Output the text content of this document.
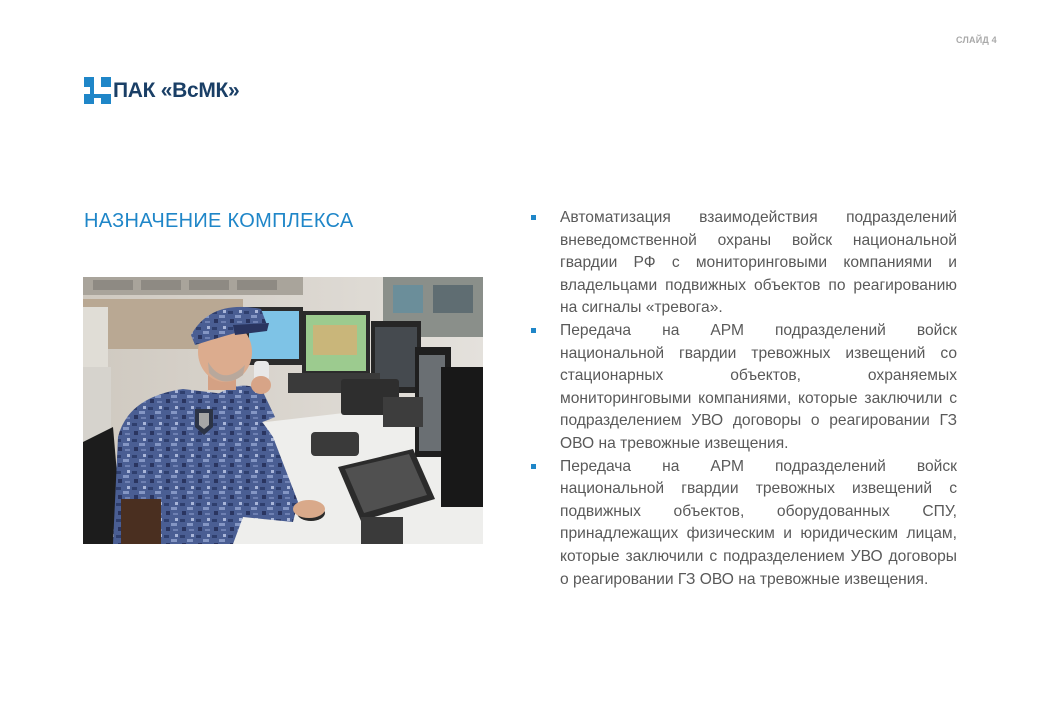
СЛАЙД 4
ПАК «ВсМК»
НАЗНАЧЕНИЕ КОМПЛЕКСА	Автоматизация взаимодействия подразделений вневедомственной охраны войск национальной гвардии РФ с мониторинговыми компаниями и владельцами подвижных объектов по реагированию на сигналы «тревога».
Передача на АРМ подразделений войск национальной гвардии тревожных извещений со стационарных объектов, охраняемых мониторинговыми компаниями, которые заключили с подразделением УВО договоры о реагировании ГЗ ОВО на тревожные извещения.
Передача на АРМ подразделений войск национальной гвардии тревожных извещений с подвижных объектов, оборудованных СПУ, принадлежащих физическим и юридическим лицам, которые заключили с подразделением УВО договоры о реагировании ГЗ ОВО на тревожные извещения.
